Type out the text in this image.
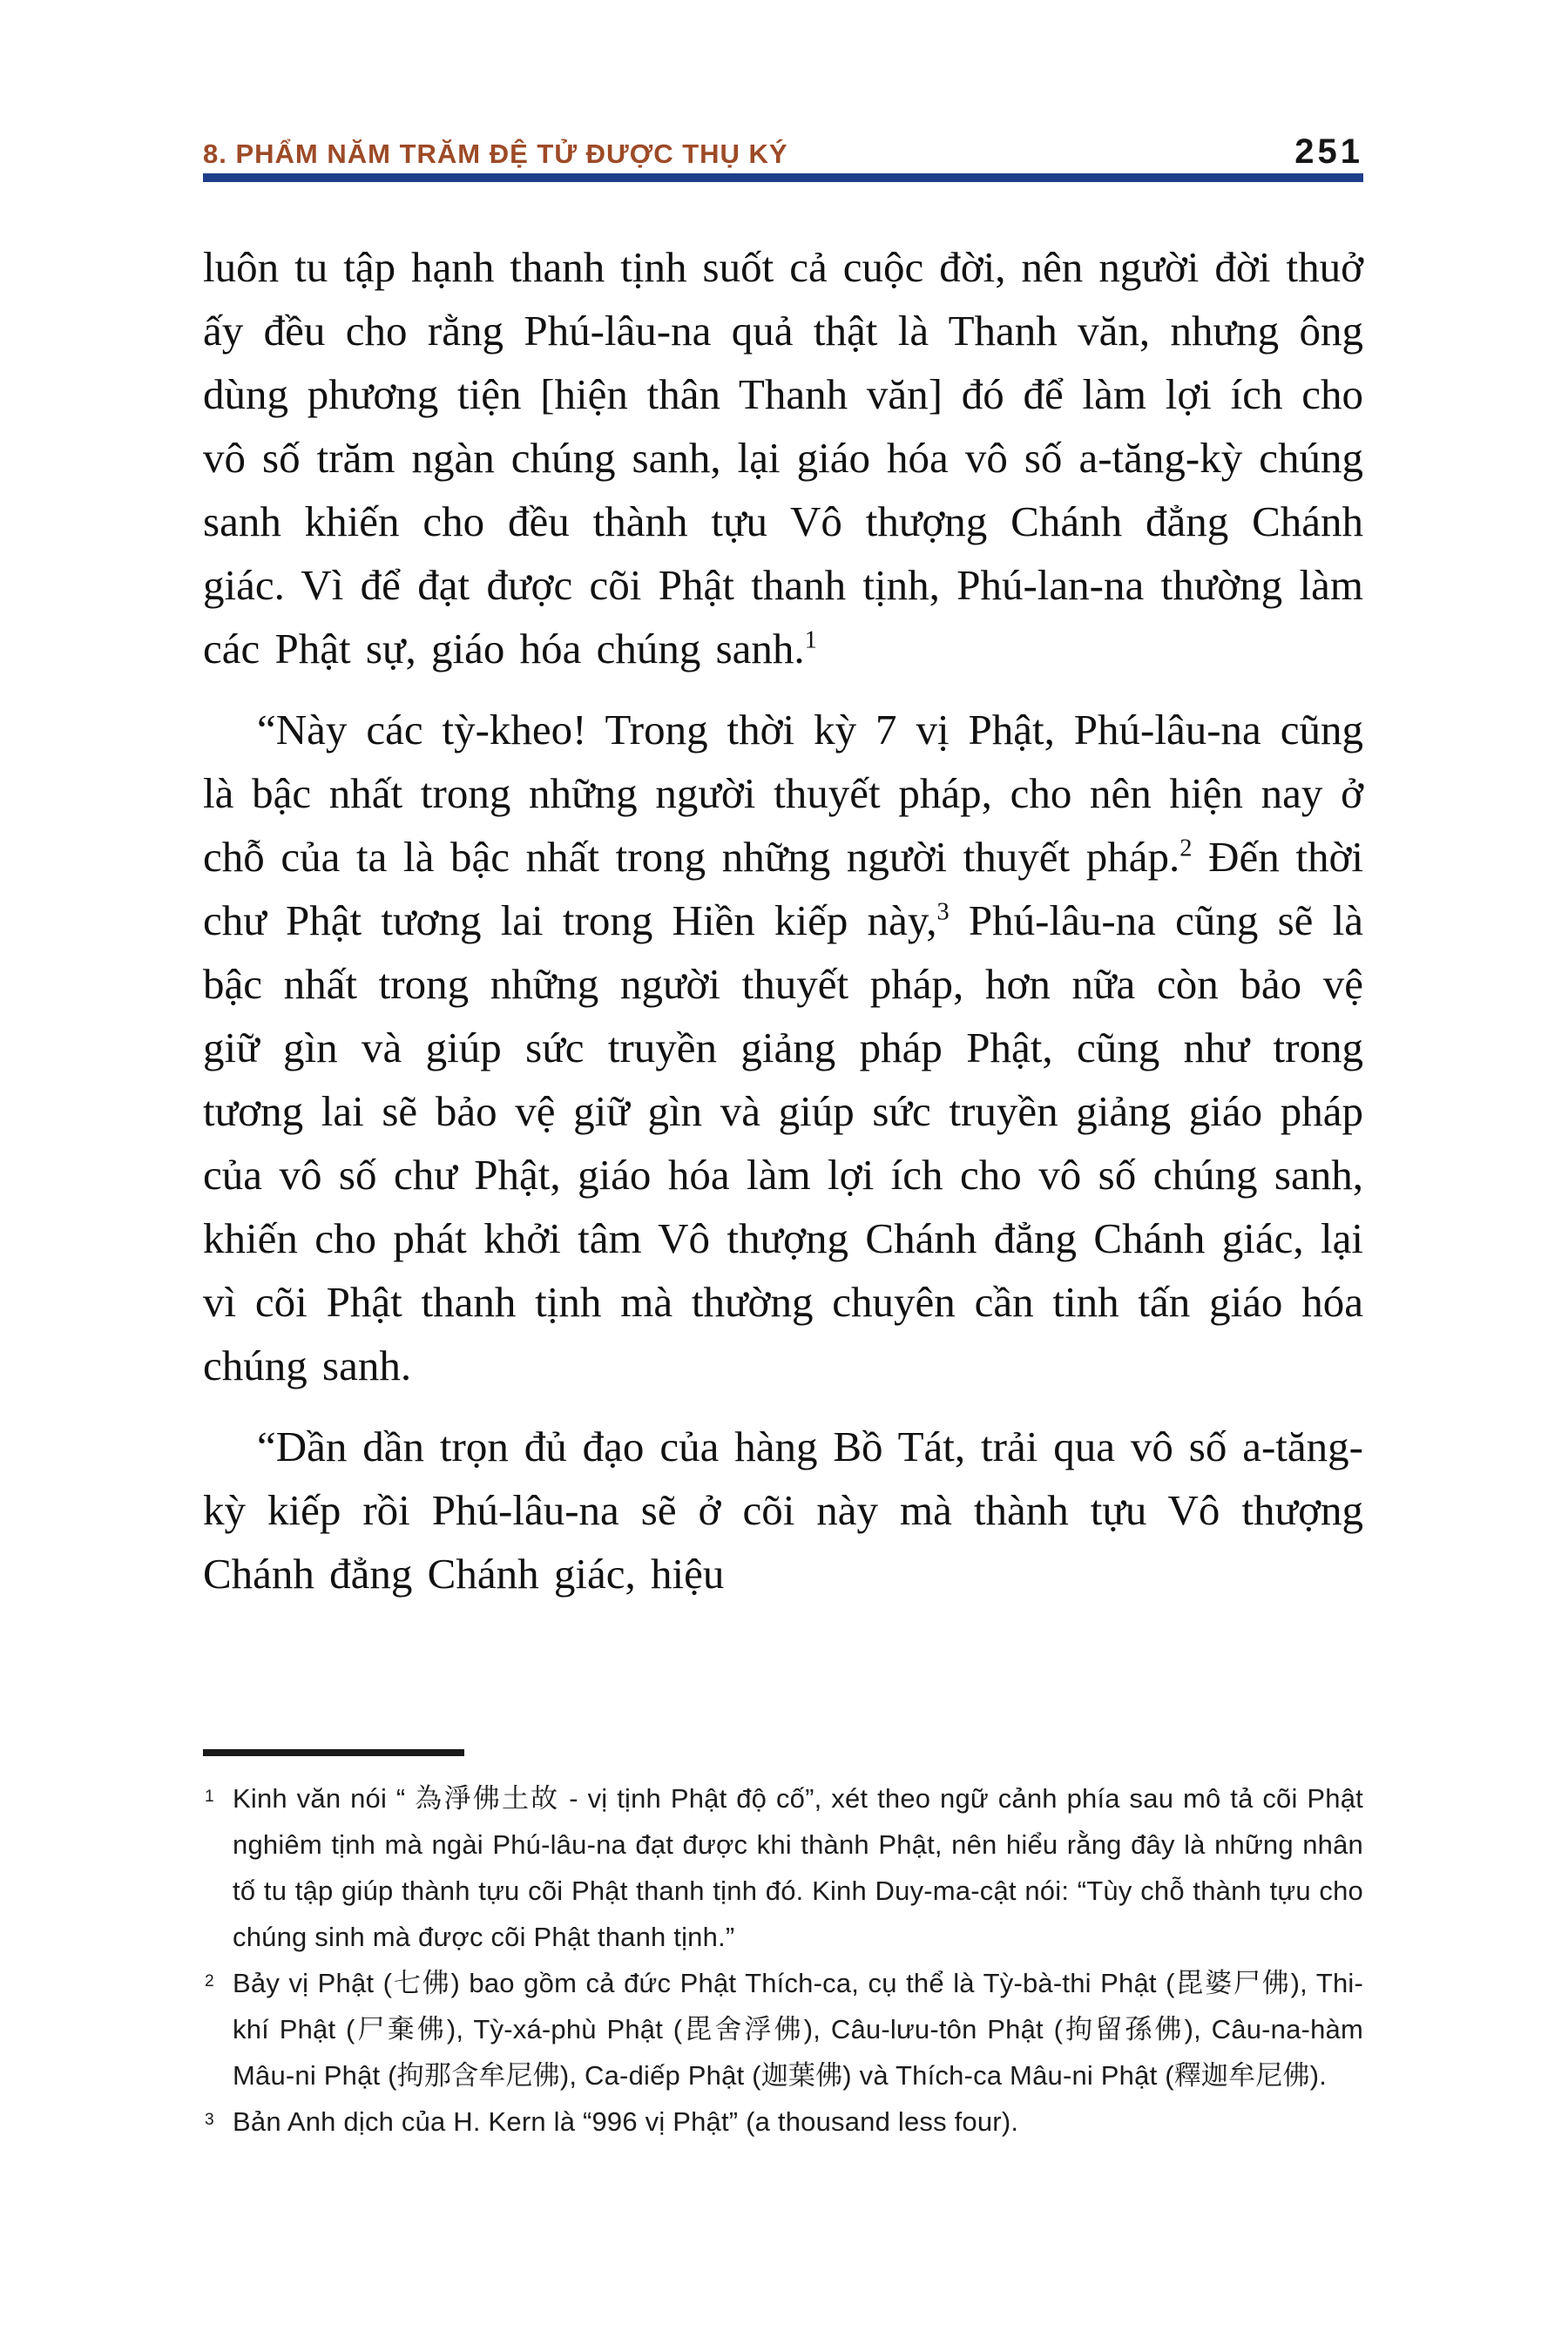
8. PHẨM NĂM TRĂM ĐỆ TỬ ĐƯỢC THỤ KÝ	251

luôn tu tập hạnh thanh tịnh suốt cả cuộc đời, nên người đời thuở ấy đều cho rằng Phú-lâu-na quả thật là Thanh văn, nhưng ông dùng phương tiện [hiện thân Thanh văn] đó để làm lợi ích cho vô số trăm ngàn chúng sanh, lại giáo hóa vô số a-tăng-kỳ chúng sanh khiến cho đều thành tựu Vô thượng Chánh đẳng Chánh giác. Vì để đạt được cõi Phật thanh tịnh, Phú-lan-na thường làm các Phật sự, giáo hóa chúng sanh.$^1$

“Này các tỳ-kheo! Trong thời kỳ 7 vị Phật, Phú-lâu-na cũng là bậc nhất trong những người thuyết pháp, cho nên hiện nay ở chỗ của ta là bậc nhất trong những người thuyết pháp.$^2$ Đến thời chư Phật tương lai trong Hiền kiếp này,$^3$ Phú-lâu-na cũng sẽ là bậc nhất trong những người thuyết pháp, hơn nữa còn bảo vệ giữ gìn và giúp sức truyền giảng pháp Phật, cũng như trong tương lai sẽ bảo vệ giữ gìn và giúp sức truyền giảng giáo pháp của vô số chư Phật, giáo hóa làm lợi ích cho vô số chúng sanh, khiến cho phát khởi tâm Vô thượng Chánh đẳng Chánh giác, lại vì cõi Phật thanh tịnh mà thường chuyên cần tinh tấn giáo hóa chúng sanh.

“Dần dần trọn đủ đạo của hàng Bồ Tát, trải qua vô số a-tăng-kỳ kiếp rồi Phú-lâu-na sẽ ở cõi này mà thành tựu Vô thượng Chánh đẳng Chánh giác, hiệu

1 Kinh văn nói “ 為淨佛土故 - vị tịnh Phật độ cố”, xét theo ngữ cảnh phía sau mô tả cõi Phật nghiêm tịnh mà ngài Phú-lâu-na đạt được khi thành Phật, nên hiểu rằng đây là những nhân tố tu tập giúp thành tựu cõi Phật thanh tịnh đó. Kinh Duy-ma-cật nói: “Tùy chỗ thành tựu cho chúng sinh mà được cõi Phật thanh tịnh.”
2 Bảy vị Phật (七佛) bao gồm cả đức Phật Thích-ca, cụ thể là Tỳ-bà-thi Phật (毘婆尸佛), Thi-khí Phật (尸棄佛), Tỳ-xá-phù Phật (毘舍浮佛), Câu-lưu-tôn Phật (拘留孫佛), Câu-na-hàm Mâu-ni Phật (拘那含牟尼佛), Ca-diếp Phật (迦葉佛) và Thích-ca Mâu-ni Phật (釋迦牟尼佛).
3 Bản Anh dịch của H. Kern là “996 vị Phật” (a thousand less four).
